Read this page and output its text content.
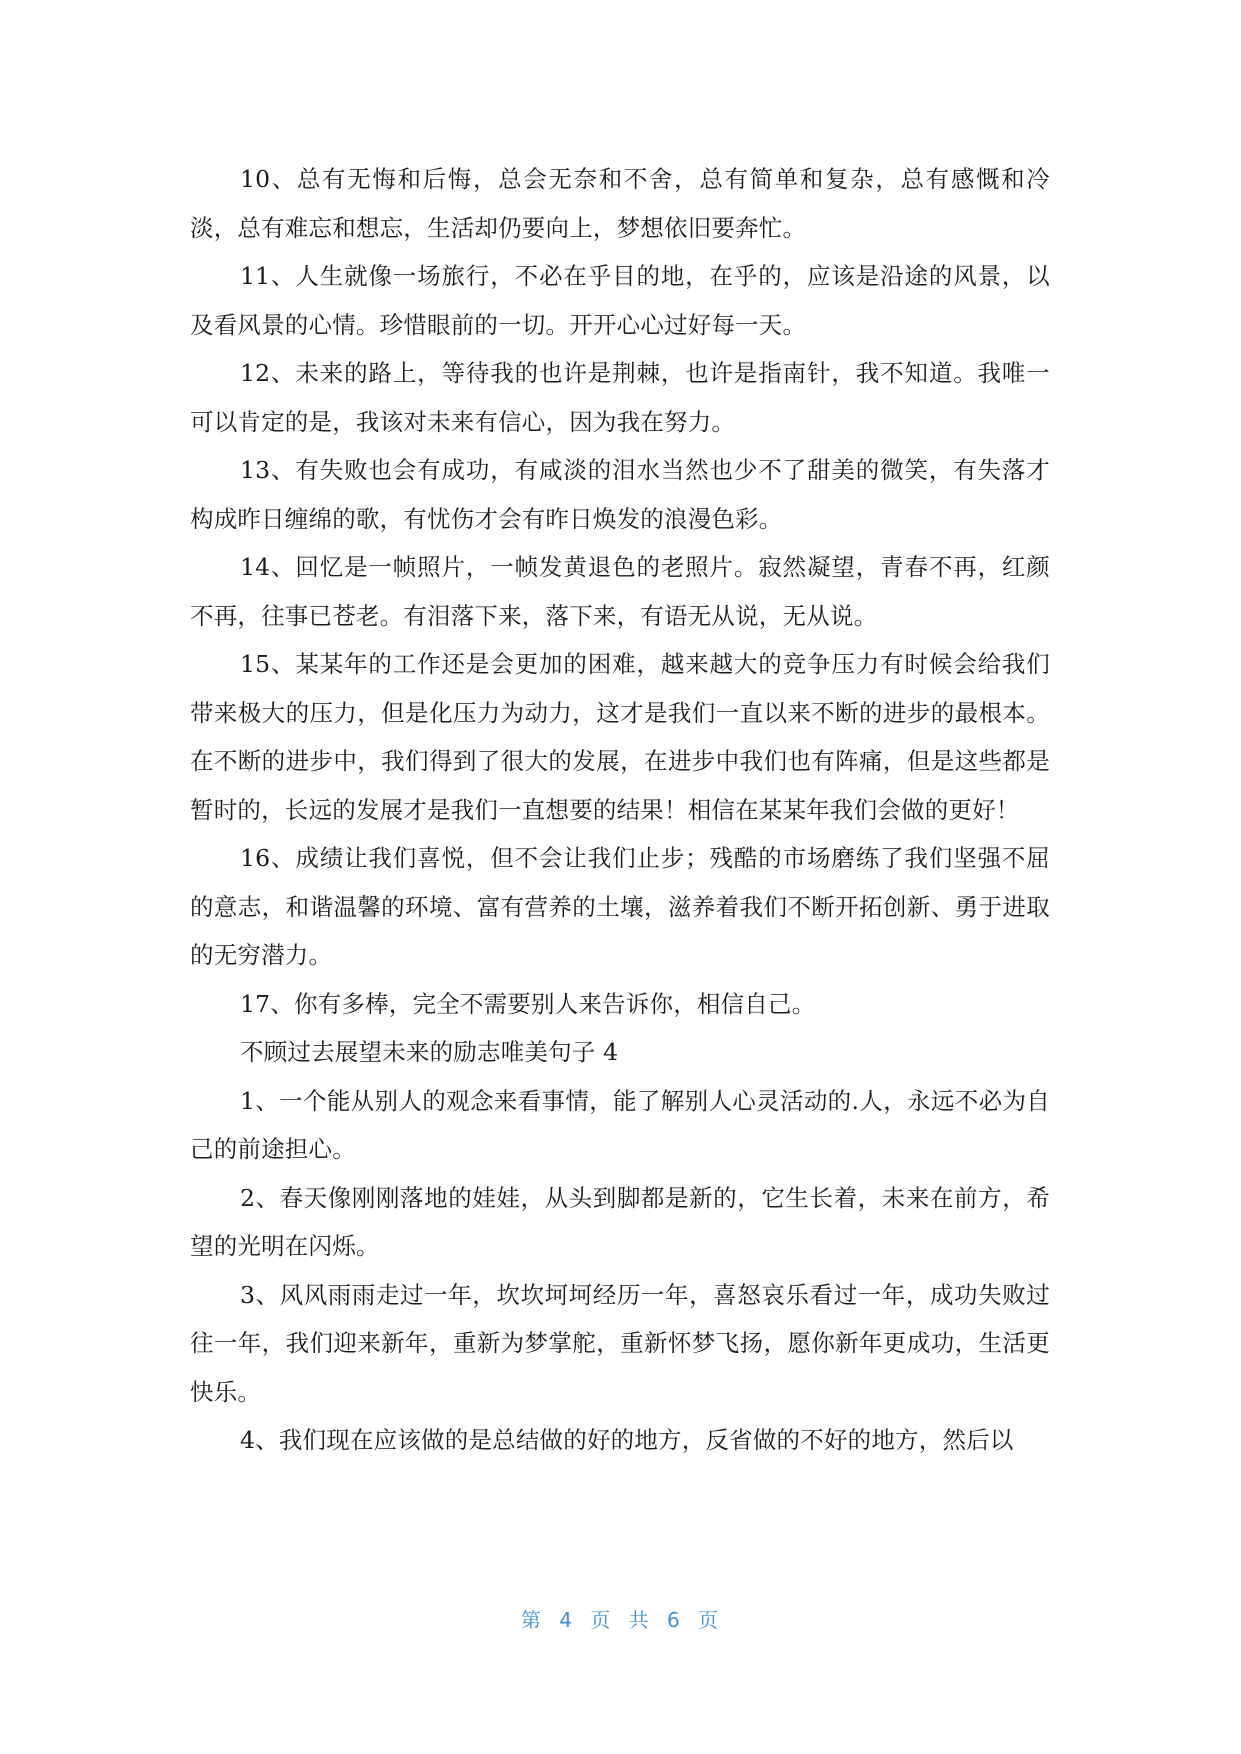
10、总有无悔和后悔，总会无奈和不舍，总有简单和复杂，总有感慨和冷淡，总有难忘和想忘，生活却仍要向上，梦想依旧要奔忙。

11、人生就像一场旅行，不必在乎目的地，在乎的，应该是沿途的风景，以及看风景的心情。珍惜眼前的一切。开开心心过好每一天。

12、未来的路上，等待我的也许是荆棘，也许是指南针，我不知道。我唯一可以肯定的是，我该对未来有信心，因为我在努力。

13、有失败也会有成功，有咸淡的泪水当然也少不了甜美的微笑，有失落才构成昨日缠绵的歌，有忧伤才会有昨日焕发的浪漫色彩。

14、回忆是一帧照片，一帧发黄退色的老照片。寂然凝望，青春不再，红颜不再，往事已苍老。有泪落下来，落下来，有语无从说，无从说。

15、某某年的工作还是会更加的困难，越来越大的竞争压力有时候会给我们带来极大的压力，但是化压力为动力，这才是我们一直以来不断的进步的最根本。在不断的进步中，我们得到了很大的发展，在进步中我们也有阵痛，但是这些都是暂时的，长远的发展才是我们一直想要的结果！相信在某某年我们会做的更好！

16、成绩让我们喜悦，但不会让我们止步；残酷的市场磨练了我们坚强不屈的意志，和谐温馨的环境、富有营养的土壤，滋养着我们不断开拓创新、勇于进取的无穷潜力。

17、你有多棒，完全不需要别人来告诉你，相信自己。

不顾过去展望未来的励志唯美句子 4

1、一个能从别人的观念来看事情，能了解别人心灵活动的.人，永远不必为自己的前途担心。

2、春天像刚刚落地的娃娃，从头到脚都是新的，它生长着，未来在前方，希望的光明在闪烁。

3、风风雨雨走过一年，坎坎坷坷经历一年，喜怒哀乐看过一年，成功失败过往一年，我们迎来新年，重新为梦掌舵，重新怀梦飞扬，愿你新年更成功，生活更快乐。

4、我们现在应该做的是总结做的好的地方，反省做的不好的地方，然后以

第 4 页 共 6 页
